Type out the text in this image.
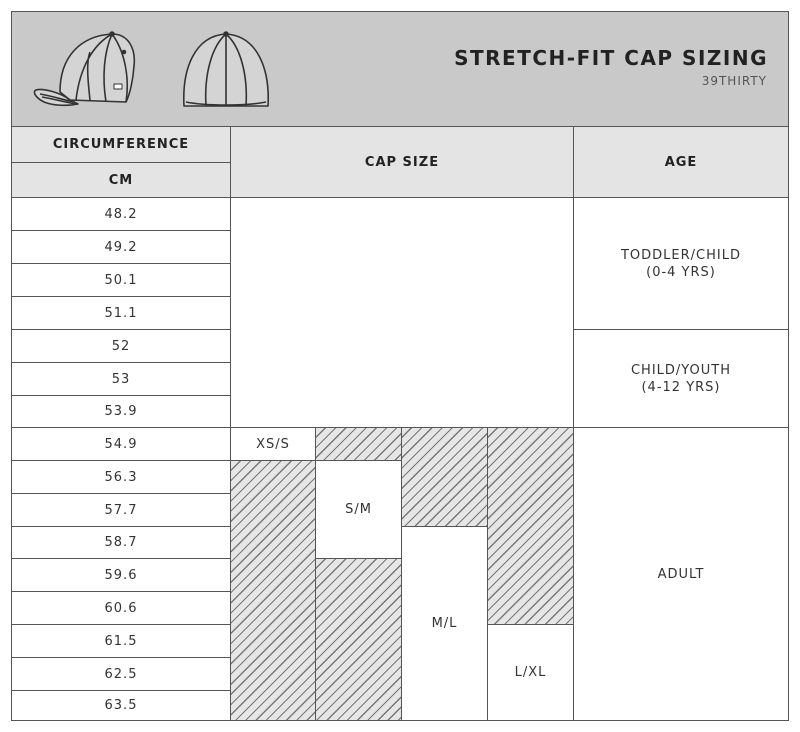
STRETCH-FIT CAP SIZING
39THIRTY
CIRCUMFERENCE
CM
CAP SIZE	AGE
48.2
49.2
50.1
51.1
52
53
53.9
54.9
56.3
57.7
58.7
59.6
60.6
61.5
62.5
63.5
XS/S
S/M
M/L
L/XL
TODDLER/CHILD
(0-4 YRS)
CHILD/YOUTH
(4-12 YRS)
ADULT
